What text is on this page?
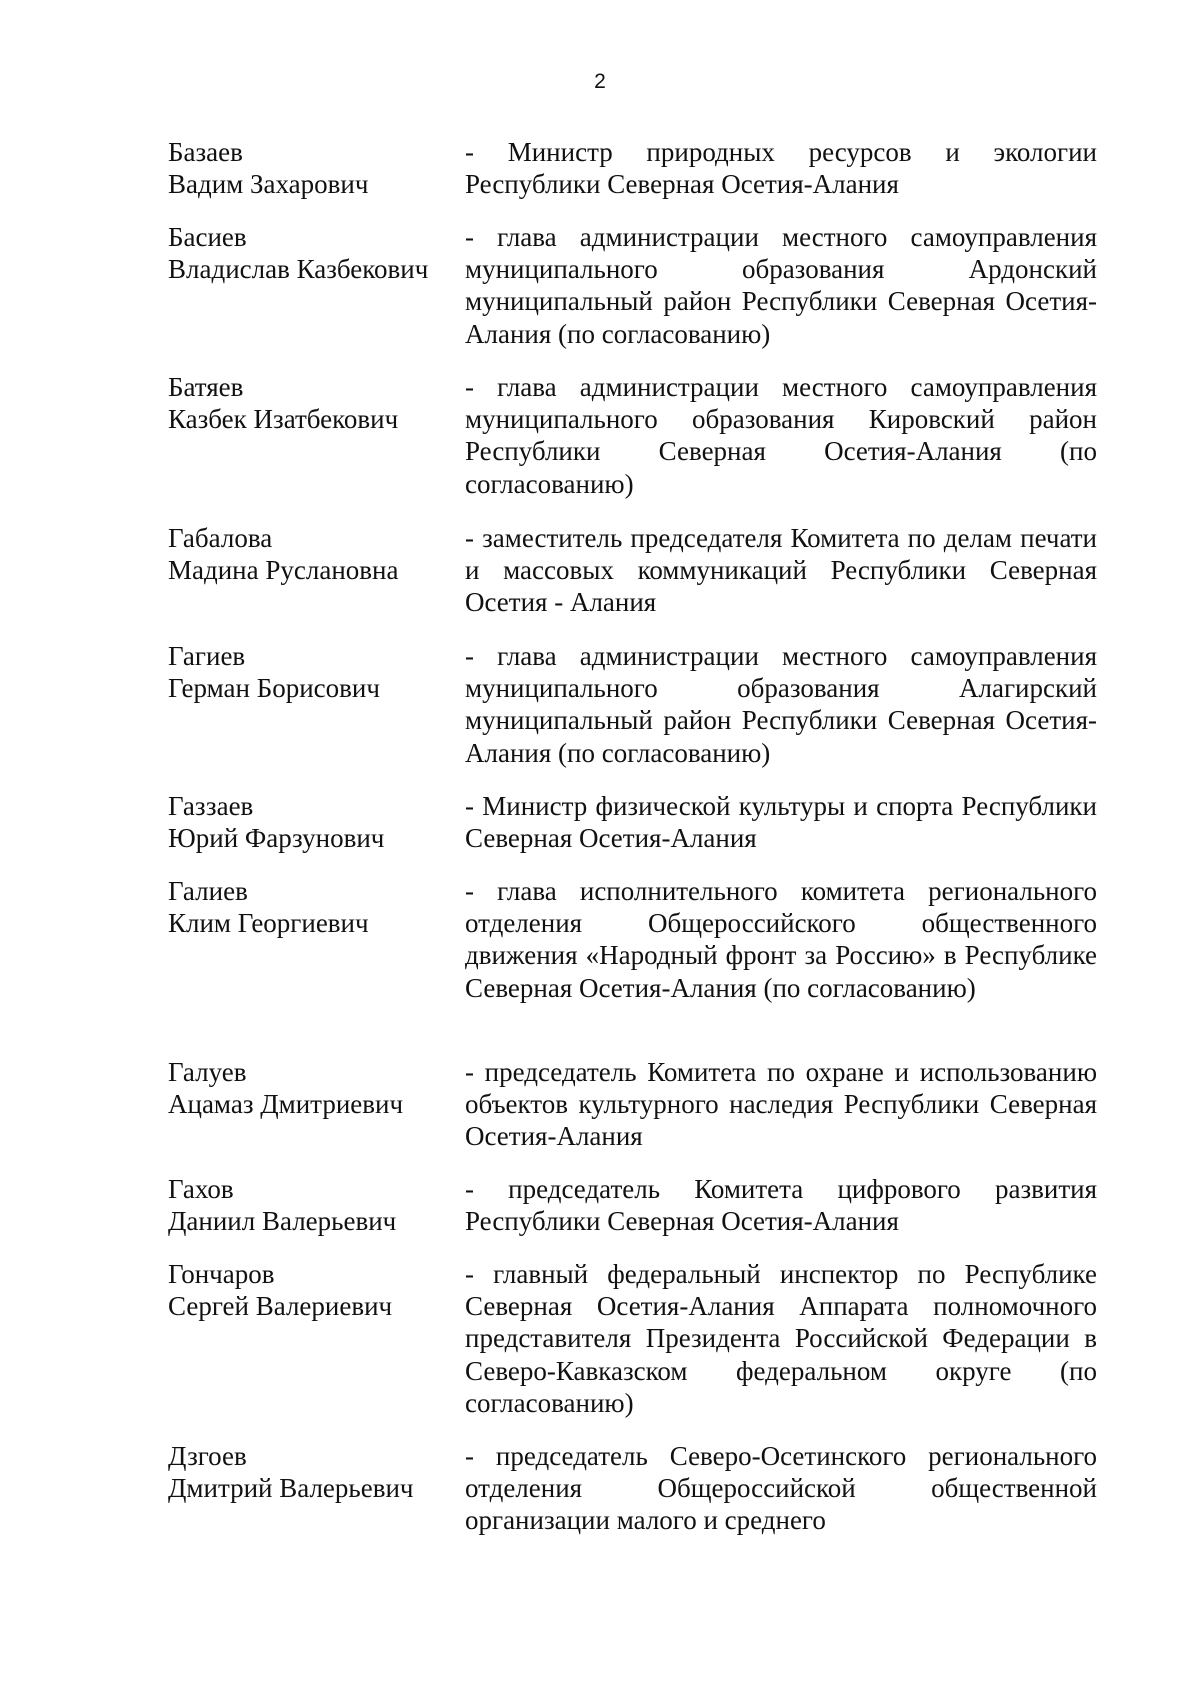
2
Базаев
Вадим Захарович
- Министр природных ресурсов и экологии Республики Северная Осетия-Алания
Басиев
Владислав Казбекович
- глава администрации местного самоуправления муниципального образования Ардонский муниципальный район Республики Северная Осетия-Алания (по согласованию)
Батяев
Казбек Изатбекович
- глава администрации местного самоуправления муниципального образования Кировский район Республики Северная Осетия-Алания (по согласованию)
Габалова
Мадина Руслановна
- заместитель председателя Комитета по делам печати и массовых коммуникаций Республики Северная Осетия - Алания
Гагиев
Герман Борисович
- глава администрации местного самоуправления муниципального образования Алагирский муниципальный район Республики Северная Осетия-Алания (по согласованию)
Газзаев
Юрий Фарзунович
- Министр физической культуры и спорта Республики Северная Осетия-Алания
Галиев
Клим Георгиевич
- глава исполнительного комитета регионального отделения Общероссийского общественного движения «Народный фронт за Россию» в Республике Северная Осетия-Алания (по согласованию)
Галуев
Ацамаз Дмитриевич
- председатель Комитета по охране и использованию объектов культурного наследия Республики Северная Осетия-Алания
Гахов
Даниил Валерьевич
- председатель Комитета цифрового развития Республики Северная Осетия-Алания
Гончаров
Сергей Валериевич
- главный федеральный инспектор по Республике Северная Осетия-Алания Аппарата полномочного представителя Президента Российской Федерации в Северо-Кавказском федеральном округе (по согласованию)
Дзгоев
Дмитрий Валерьевич
- председатель Северо-Осетинского регионального отделения Общероссийской общественной организации малого и среднего
